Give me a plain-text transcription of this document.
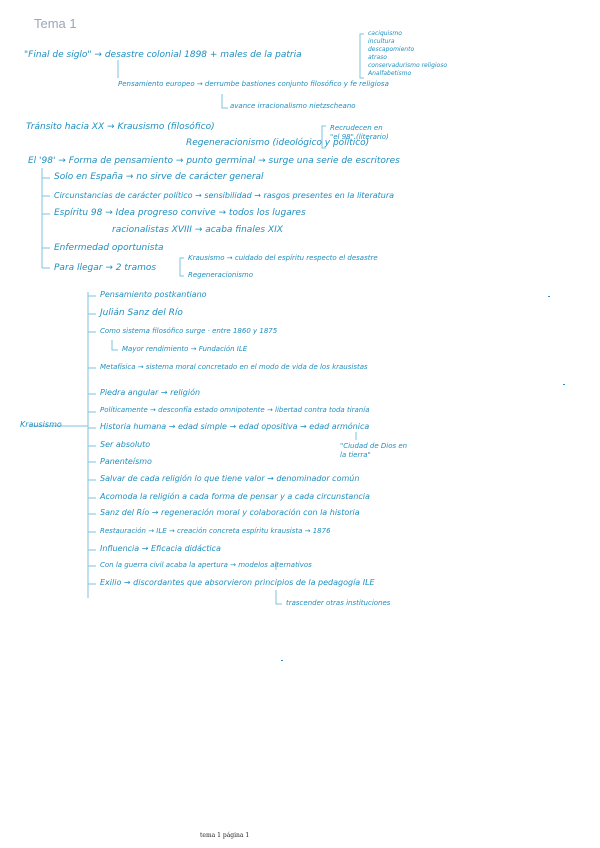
Tema 1
"Final de siglo" → desastre colonial 1898 + males de la patria
caciquismo
incultura
descapomiento
atraso
conservadurismo religioso
Analfabetismo
Pensamiento europeo → derrumbe bastiones conjunto filosófico y fe religiosa
avance irracionalismo nietzscheano
Tránsito hacia XX → Krausismo (filosófico)
Regeneracionismo (ideológico y político)
Recrudecen en
"el 98" (literario)
El '98' → Forma de pensamiento → punto germinal → surge una serie de escritores
Solo en España → no sirve de carácter general
Circunstancias de carácter político → sensibilidad → rasgos presentes en la literatura
Espíritu 98 → Idea progreso convive → todos los lugares
racionalistas XVIII → acaba finales XIX
Enfermedad oportunista
Para llegar → 2 tramos
Krausismo → cuidado del espíritu respecto el desastre
Regeneracionismo
Krausismo
Pensamiento postkantiano
Julián Sanz del Río
Como sistema filosófico surge · entre 1860 y 1875
Mayor rendimiento → Fundación ILE
Metafísica → sistema moral concretado en el modo de vida de los krausistas
Piedra angular → religión
Políticamente → desconfía estado omnipotente → libertad contra toda tiranía
Historia humana → edad simple → edad opositiva → edad armónica
"Ciudad de Dios en la tierra"
Ser absoluto
Panenteísmo
Salvar de cada religión lo que tiene valor → denominador común
Acomoda la religión a cada forma de pensar y a cada circunstancia
Sanz del Río → regeneración moral y colaboración con la historia
Restauración → ILE → creación concreta espíritu krausista → 1876
Influencia → Eficacia didáctica
Con la guerra civil acaba la apertura → modelos alternativos
Exilio → discordantes que absorvieron principios de la pedagogía ILE
trascender otras instituciones
tema 1 página 1
